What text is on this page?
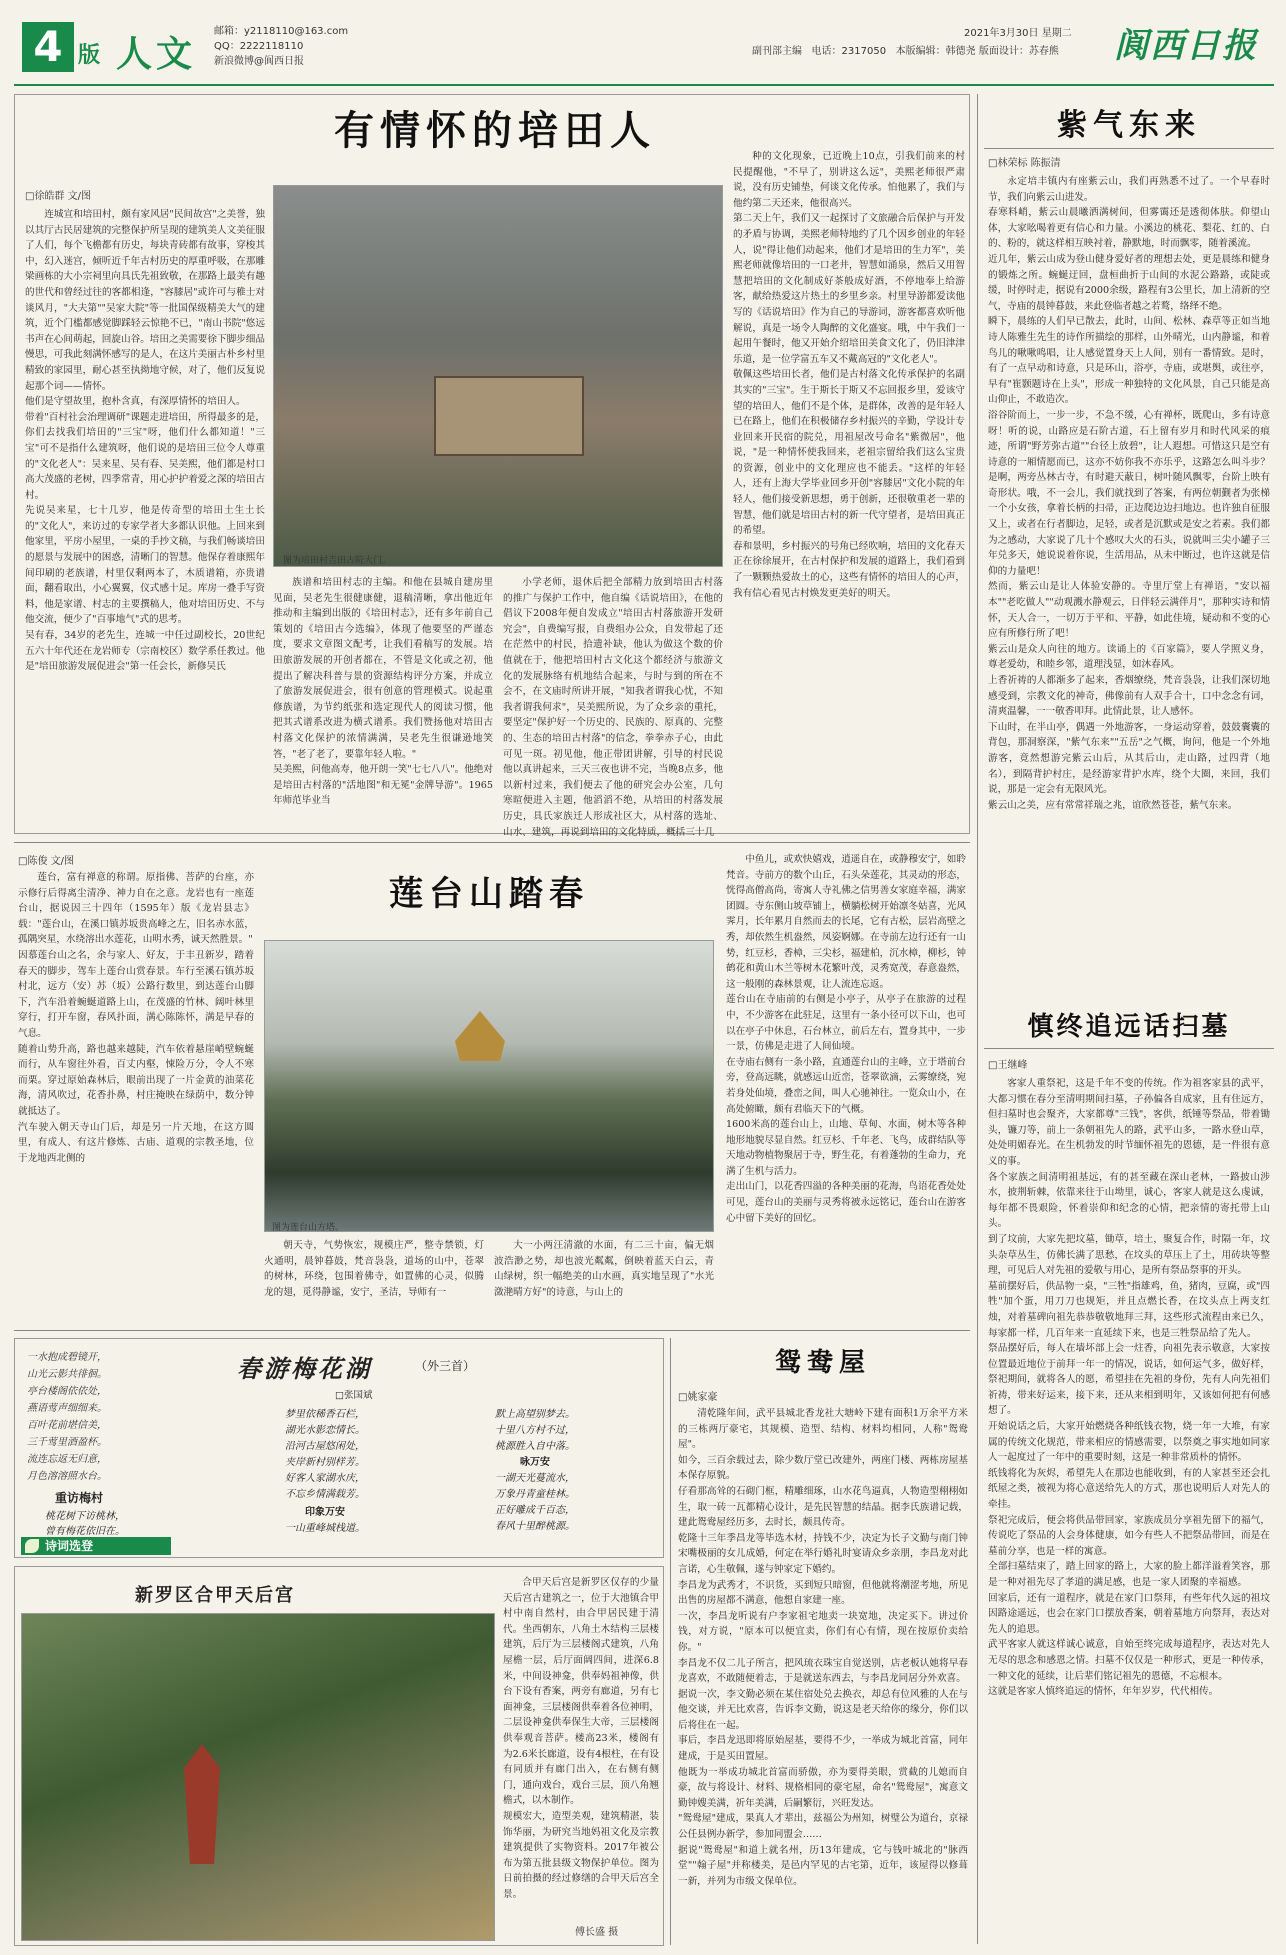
4 版 人文
邮箱：y2118110@163.com
QQ：2222118110
新浪微博@阆西日报
副刊部主编 电话：2317050 本版编辑：韩德尧 版面设计：苏春熊
2021年3月30日 星期二 阆西日报
有情怀的培田人
□徐皓群 文/图
连城宣和培田村，颇有家风居"民间故宫"之美誉，独以其厅古民居建筑的完整保护所呈现的建筑美人文美征服了人们，每个飞檐都有历史，每块青砖都有故事，穿梭其中，幻入迷宫，倾听近千年古村历史的厚重呼吸，在那雕梁画栋的大小宗祠里向具氏先祖致敬，在那路上最美有趣的世代和曾经过往的客都相逢，"容膝居"或许可与稚士对谈风月，"大夫第""吴家大院"等一批国保级精美大气的建筑，近个门槛都感觉脚踩轻云惊艳不已，"南山书院"悠远书声在心间萌起，回旋山谷。培田之美需要徐下脚步细品慢思，可我此刻满怀感写的是人，在这片美丽古朴乡村里精致的家园里，耐心甚至执拗地守候，对了，他们反复说起那个词——情怀。
他们是守望故里，抱朴含真，有深厚情怀的培田人。
带着"百村社会治理调研"课题走进培田，所得最多的是，你们去找我们培田的"三宝"呀，他们什么都知道！"三宝"可不是指什么建筑呀，他们说的是培田三位令人尊重的"文化老人"：吴来星、吴有春、吴美熙，他们都是村口高大茂盛的老树，四季常青，用心护护着爱之深的培田古村。
先说吴来星，七十几岁，他是传奇型的培田土生土长的"文化人"，来访过的专家学者大多都认识他。上回来到他家里，平房小屋里，一桌的手抄文稿，与我们畅谈培田的愿景与发展中的困惑，清晰门的智慧。他保存着康熙年间印刷的老族谱，村里仅剩两本了，木质谱箱，亦贵谱面，翻看取出，小心翼翼，仪式感十足。库房一叠手写资料，他是家谱、村志的主要撰稿人，他对培田历史、不与他交流，便少了"百事地气"式的思考。
吴有春，34岁的老先生，连城一中任过副校长，20世纪五六十年代还在龙岩师专（宗南校区）数学系任教过。他是"培田旅游发展促进会"第一任会长，新修吴氏
图为培田村吉田古院大门。
族谱和培田村志的主编。和他在县城自建房里见面，吴老先生很健康健，退稿清晰，拿出他近年推动和主编到出版的《培田村志》，还有多年前自己策划的《培田古今选编》，体现了他要坚的严谨态度，要求文章图文配考，让我们看稿写的发展。培田旅游发展的开创者都在，不管是文化或之初，他提出了解决科普与景的资源结构评分方案，并成立了旅游发展促进会，很有创意的管理模式。说起重修族谱，为节约纸张和选定现代人的阅读习惯，他把其式谱系改进为横式谱系。我们赞扬他对培田古村落文化保护的浓情满满，吴老先生很谦逊地笑答，"老了老了，要靠年轻人啦。"
吴美熙，问他高寿，他开朗一笑"七七八八"。他绝对是培田古村落的"活地图"和无冕"金牌导游"。1965年师范毕业当
小学老师，退休后把全部精力放到培田古村落的推广与保护工作中，他自编《话说培田》，在他的倡议下2008年便自发成立"培田古村落旅游开发研究会"，自费编写报，自费组办公众，自发带起了还在茫然中的村民，拾遗补缺，他认为做这个数的价值就在于，他把培田村古文化这个都经济与旅游文化的发展脉络有机地结合起来，与时与到的所在不会不，在文庙时所讲开展，"知我者谓我心忧，不知我者谓我何求"，吴美熙所说，为了众乡亲的重托，要坚定"保护好一个历史的、民族的、原真的、完整的、生态的培田古村落"的信念，拳拳赤子心，由此可见一斑。初见他，他正带团讲解，引导的村民说他以真讲起来，三天三夜也讲不完，当晚8点多，他以新村过来，我们便去了他的研究会办公室，几句寒暄便进入主题，他滔滔不绝，从培田的村落发展历史，具氏家族迁人形成社区大，从村落的选址、山水、建筑，再说到培田的文化特质，概括三十几
种的文化现象，已近晚上10点，引我们前来的村民提醒他，"不早了，别讲这么远"，美熙老师很严肃说，没有历史铺垫，何谈文化传承。怕他累了，我们与他约第二天还来，他很高兴。
第二天上午，我们又一起探讨了文旅融合后保护与开发的矛盾与协调，美熙老师特地约了几个因乡创业的年轻人，说"得让他们动起来，他们才是培田的生力军"，美熙老师就像培田的一口老井，智慧如涌泉，然后又用智慧把培田的文化制成好茶般成好酒，不停地奉上给游客，献给热爱这片热土的乡里乡亲。村里导游都爱读他写的《话说培田》作为自己的导游词，游客都喜欢听他解说，真是一场令人陶醉的文化盛宴。哦，中午我们一起用午餐时，他又开始介绍培田美食文化了，仍旧津津乐道，是一位学富五车又不戴高冠的"文化老人"。
敬佩这些培田长者，他们是古村落文化传承保护的名副其实的"三宝"。生于斯长于斯又不忘回报乡里，爱该守望的培田人，他们不是个体，是群体，改善的是年轻人已在路上，他们在积极储存乡村振兴的辛勤，学设计专业回来开民宿的院兑，用祖屋改号命名"紫微居"，他说，"是一种情怀使我回来，老祖宗留给我们这么宝贵的资源，创业中的文化理应也不能丢。"这样的年轻人，还有上海大学毕业回乡开创"容膝居"文化小院的年轻人，他们接受新思想，勇于创新，还很敬重老一辈的智慧，他们就是培田古村的新一代守望者，是培田真正的希望。
春和景明，乡村振兴的号角已经吹响，培田的文化春天正在徐徐展开，在古村保护和发展的道路上，我们看到了一颗颗热爱故土的心，这些有情怀的培田人的心声，我有信心看见古村焕发更美好的明天。
紫气东来
□林荣标 陈振清
永定培丰镇内有座紫云山，我们再熟悉不过了。一个早春时节，我们向紫云山进发。
春寒料峭，紫云山晨曦洒满树间，但雾霭还是透彻体肤。仰望山体，大家吆喝着更有信心和力量。小溪边的桃花、梨花、红的、白的、粉的，就这样相互映衬着，静默地，时而飘零，随着溪流。
近几年，紫云山成为登山健身爱好者的理想去处，更是晨练和健身的锻炼之所。蜿蜒迂回，盘桓曲折于山间的水泥公路路，或陡或缓，时停时走，据说有2000余级，路程有3公里长，加上清新的空气，寺庙的晨钟暮鼓，来此登临者越之若鹜，络绎不绝。
瞬下，晨练的人们早已散去，此时，山间、松林、森草等正如当地诗人陈雅生先生的诗作所描绘的那样，山外晴光，山内静谧，和着鸟儿的啾啾鸣唱，让人感觉置身天上人间，别有一番情致。是时，有了一点早动和诗意，只是环山，浴亭，寺庙，或堪舆，或往亭，早有"崔颢题诗在上头"，形成一种独特的文化风景，自己只能是高山仰止，不敢造次。
浴谷阶而上，一步一步，不急不缓，心有禅杯，既爬山，多有诗意呀！听的说，山路应是石阶古道，石上留有岁月和时代风采的痕迹，所谓"野芳弥古道""台径上放碧"，让人遐想。可惜这只是空有诗意的一厢情愿而已，这亦不妨你我不亦乐乎，这路怎么叫斗步？是啊，两旁丛林古寺，有时避天蔽日，树叶随风飘零，台阶上映有奇形状。哦，不一会儿，我们就找到了答案，有两位朝觐者为张梯一个小女孩，拿着长柄的扫帚，正边爬边边扫地边。也许独自征服又上，或者在行者脚边，足轻，或者是沉默或是安之若素。我们都为之感动，大家说了几十个感叹大火的石头，说就叫三尖小罐子三年兑多天，她说说着你说，生活用品，从未中断过，也许这就是信仰的力量吧！
然而，紫云山是让人体验安静的。寺里厅堂上有禅语，"安以福本""老吃做人""动观溅水静观云，日伴轻云满伴月"，那种实诗和情怀，天人合一，一切万于平和、平静，如此佳境，疑动和不变的心应有所修行所了吧！
紫云山是众人向往的地方。读诵上的《百家篇》，要人学照义身，尊老爱幼，和睦乡邻，道理浅显，如沐春风。
上香祈祷的人都渐多了起来，香烟缭绕，梵音袅袅，让我们深切地感受到，宗教文化的神奇，佛像前有人双手合十，口中念念有词，清爽温馨，一一敬香叩拜。此情此景，让人感怀。
下山时，在半山亭，偶遇一外地游客，一身运动穿着，鼓鼓囊囊的背包，那洞察深，"紫气东来""五岳"之气概，询问，他是一个外地游客，竟然想游完紫云山后，从其后山，走山路，过四背（地名），到隔背护村庄，是经游家背护水库，绕个大圈，来回，我们说，那是一定会有无限风光。
紫云山之美，应有常常祥瑞之兆，谊欣然苍苍，紫气东来。
慎终追远话扫墓
□王继峰
客家人重祭祀，这是千年不变的传统。作为祖客家县的武平，大都习惯在春分至清明期间扫墓，子孙偏各自成家，且有住远方，但扫墓时也会聚齐，大家都尊"三钱"，客供，纸锤等祭品，带着锄头，镰刀等，前上一条朝祖先人的路，武平山多，一路水登山草，处处明媚春光。在生机勃发的时节缅怀祖先的恩德，是一件很有意义的事。
各个家族之间清明祖基远，有的甚至藏在深山老林，一路披山涉水，披荆斩棘，依靠来往于山坳里，诚心，客家人就是这么虔诚，每年都不畏艰险，怀着崇仰和纪念的心情，把亲情的寄托带上山头。
到了坟前，大家先把坟墓，锄草，培土，聚复合作，时隔一年，坟头杂草丛生，仿佛长满了思愁，在坟头的草压上了土，用砖块等整理，可见后人对先祖的爱敬与用心，是所有祭品祭事的开头。
墓前摆好后，供品物一桌，"三牲"指雄鸡，鱼，猪肉，豆腐，或"四牲"加个蛋，用刀刀也规矩，并且点燃长香，在坟头点上两支红烛，对着墓碑向祖先恭恭敬敬地拜三拜，这些形式流程由来已久，每家都一样，几百年来一直延续下来，也是三牲祭品给了先人。
祭品摆好后，每人在墙坏部上会一炷香，向祖先表示敬意，大家按位置最近地位于前拜一年一的情况，说话，如何运气多，做好样，祭祀期间，就将各人的愿，希望挂在先祖的身份，先有人向先祖们祈祷，带来好运来，接下来，还从来相到明年，又该如何把有何感想了。
开始说话之后，大家开始燃烧各种纸钱衣物，烧一年一大堆，有家属的传统文化规范，带来相应的情感需要，以祭奠之事实地如同家人一起度过了一年中的重要时刻，这是一种非常质朴的情怀。
纸钱将化为灰烬，希望先人在那边也能收到，有的人家甚至还会扎纸屋之类，被视为将心意送给先人的方式，那也说明后人对先人的牵挂。
祭祀完成后，便会将供品带回家，家族成员分享祖先留下的福气，传说吃了祭品的人会身体健康，如今有些人不把祭品带回，而是在墓前分享，也是一样的寓意。
全部扫墓结束了，踏上回家的路上，大家的脸上都洋溢着笑容，那是一种对祖先尽了孝道的满足感，也是一家人团聚的幸福感。
回家后，还有一道程序，就是在家门口祭拜，有些年代久远的祖坟因路途遥远，也会在家门口摆放香案，朝着墓地方向祭拜，表达对先人的追思。
武平客家人就这样诚心诚意，自始至终完成每道程序，表达对先人无尽的思念和感恩之情。扫墓不仅仅是一种形式，更是一种传承，一种文化的延续，让后辈们铭记祖先的恩德，不忘根本。
这就是客家人慎终追远的情怀，年年岁岁，代代相传。
□陈俊 文/图
莲台，富有禅意的称谓。原指佛、菩萨的台座，亦示修行后得离尘清净、神力自在之意。龙岩也有一座莲台山，据说因三十四年（1595年）版《龙岩县志》载："莲台山，在溪口镇苏坂贵高峰之左，旧名赤水蓝，孤隅突星，水绕溶出水莲花，山明水秀，诚天然胜景。"
因慕莲台山之名，余与家人、好友，于丰丑新岁，踏着春天的脚步，驾车上莲台山赏春景。车行至溪石镇苏坂村北，远方（安）苏（坂）公路行数里，到达莲台山脚下，汽车沿着蜿蜒道路上山，在茂盛的竹林、阔叶林里穿行，打开车窗，春风扑面，满心陈陈怀，满是早春的气息。
随着山势升高，路也越来越陡，汽车依着悬崖峭壁蜿蜒而行，从车窗往外看，百丈内壑，悚险万分，令人不寒而栗。穿过原始森林后，眼前出现了一片金黄的油菜花海，清风吹过，花香扑鼻，村庄掩映在绿荫中，数分钟就抵达了。
汽车驶入朝天寺山门后，却是另一片天地，在这方圆里，有成人、有这片修炼、古庙、道观的宗教圣地，位于龙地西北侧的
莲台山踏春
图为莲台山方塔。
朝天寺，气势恢宏，规模庄严，整寺禁锁，灯火通明，晨钟暮鼓，梵音袅袅，道场的山中，苍翠的树林，环绕，包围着佛寺，如置佛的心灵，似腾龙的翅，觅得静谧，安宁，圣洁，导师有一
大一小两汪清澈的水面，有二三十亩，偏无烟波浩渺之势，却也波光粼粼，倒映着蓝天白云，青山绿树，织一幅绝美的山水画，真实地呈现了"水光潋滟晴方好"的诗意，与山上的
中鱼儿，或欢快嬉戏，逍遥自在，或静穆安宁，如聆梵音。寺前方的数个山丘，石头朵莲花，其灵动的形态，恍得高僧高尚，寄寓人寺礼佛之信男善女家庭幸福，满家团圆。寺东侧山坡草铺上，横躺松树开始凛冬姑喜，光风霁月，长年累月自然而去的长尾，它有古松，层岩高壁之秀，却依然生机盎然，凤姿婀娜。在寺前左边行还有一山势，红豆杉，香樟，三尖杉，福建柏，沉水樟，柳杉，钟鹤花和黄山木兰等树木花繁叶茂，灵秀宽茂，春意盎然，这一般刚的森林景观，让人流连忘返。
莲台山在寺庙前的右侧是小亭子，从亭子在旅游的过程中，不少游客在此驻足，这里有一条小径可以下山，也可以在亭子中休息，石台林立，前后左右，置身其中，一步一景，仿佛是走进了人间仙境。
在寺庙右侧有一条小路，直通莲台山的主峰，立于塔前台旁，登高远眺，就感远山近峦，苍翠欲滴，云雾缭绕，宛若身处仙境，叠峦之间，叫人心驰神往。一览众山小，在高处俯瞰，颇有君临天下的气概。
1600米高的莲台山上，山地、草甸、水面，树木等各种地形地貌尽显自然。红豆杉、千年老、飞鸟，成群结队等天地动物植物聚居于寺，野生花，有着蓬勃的生命力，充满了生机与活力。
走出山门，以花香四溢的各种美丽的花海，鸟语花香处处可见，莲台山的美丽与灵秀将被永远铭记，莲台山在游客心中留下美好的回忆。
一水抱成碧镜开，
山光云影共徘徊。
亭台楼阁依依处，
燕语莺声细细来。
百叶花前堪信美，
三千莺里酒盈杯。
流连忘返无归意，
月色溶溶照水台。
重访梅村
桃花树下访桃林，
曾有梅花依旧在。
诗词选登
春游梅花湖	（外三首）
□张国斌
梦里依稀香石栏，
湖光水影恋情长。
沿河古屋悠闲处，
夹岸新村别样芳。
好客人家湖水庆，
不忘乡情满载芳。
印象万安
一山重峰城栈道。
默上高望别梦去。
十里八方村不过，
桃源胜入自中落。
咏万安
一湖天光蔓流水，
万象丹青童桂林。
正好雕成千百态，
春风十里醉桃源。
鸳鸯屋
□姚家豪
清乾隆年间，武平县城北香龙社大塘岭下建有面积1万余平方米的三栋两厅豪宅，其规模、造型、结构、材料均相同，人称"鸳鸯屋"。
如今，三百余载过去，除少数厅堂已改建外，两座门楼、两栋房屋基本保存原貌。
仔看那高耸的石砌门框，精雕细琢，山水花鸟逼真，人物造型栩栩如生，取一砖一瓦都精心设计，是先民智慧的结晶。据李氏族谱记载，建此鸳鸯屋经历多，去时长，颇具传奇。
乾隆十三年季昌龙等毕选木材，持钱不少，决定为长子文勤与南门钟宋嘴极丽的女儿成婚，何定在举行婚礼时宴请众乡亲朋，李昌龙对此言诺，心生敬佩，遂与钟家定下婚约。
李昌龙为武秀才，不识货，买到短只暗窗，但他就将潮涩考地，所见出售的房屋都不满意，他想自家建一座。
一次，李昌龙听说有户李家祖宅地卖一块宽地，决定买下。讲过价钱，对方说，"原本可以便宜卖，你们有心有情，现在按原价卖给你。"
李昌龙不仅二儿子所言，把风琉衣珠宝自觉送别，店老板认她将早春龙喜欢，不敢随便着志，于是就送东西去，与李昌龙同居分外欢喜。
据说一次，李文勤必须在某住宿处兑去换衣，却总有位风雅的人在与他交谈，并无比欢喜，告诉李文勤，说这是老天给你的缘分，你们以后将住在一起。
事后，李昌龙迅即将原始屋基，要得不少，一举成为城北首富，同年建成，于是买田置屋。
他既为一举成功城北首富而骄傲，亦为要得美眼，赏截的儿媳而自豪，故与将设计、材料、规格相同的豪宅屋，命名"鸳鸯屋"，寓意文勤钟嫂美满，祈年美满，后嗣繁衍，兴旺发达。
"鸳鸯屋"建成，果真人才辈出，兹福公为州知，树璧公为道台，京禄公任县例办新学，参加同盟会……
据说"鸳鸯屋"和道上就名州，历13年建成，它与钱叶城北的"脉西堂""翰子屋"并称楼美，是邑内罕见的古宅第，近年，该屋得以修葺一新，并列为市级文保单位。
新罗区合甲天后宫
合甲天后宫是新罗区仅存的少量天后宫古建筑之一，位于大池镇合甲村中南自然村，由合甲居民建于清代。坐西朝东，八角土木结构三层楼建筑，后厅为三层楼阁式建筑，八角屋檐一层，后厅面阔四间，进深6.8米，中间设神龛，供奉妈祖神像，供台下设有香案，两旁有廊道，另有七面神龛，三层楼阁供奉着各位神明，二层设神龛供奉保生大帝，三层楼阁供奉观音菩萨。楼高23米，楼阁有为2.6米长廊道，设有4根柱，在有设有同质并有廊门出入，在右侧有侧门，通向戏台，戏台三层，顶八角翘檐式，以木制作。
规模宏大，造型美观，建筑精湛，装饰华丽，为研究当地妈祖文化及宗教建筑提供了实物资料。2017年被公布为第五批县级文物保护单位。图为日前拍摄的经过修缮的合甲天后宫全景。
傅长盛 摄
